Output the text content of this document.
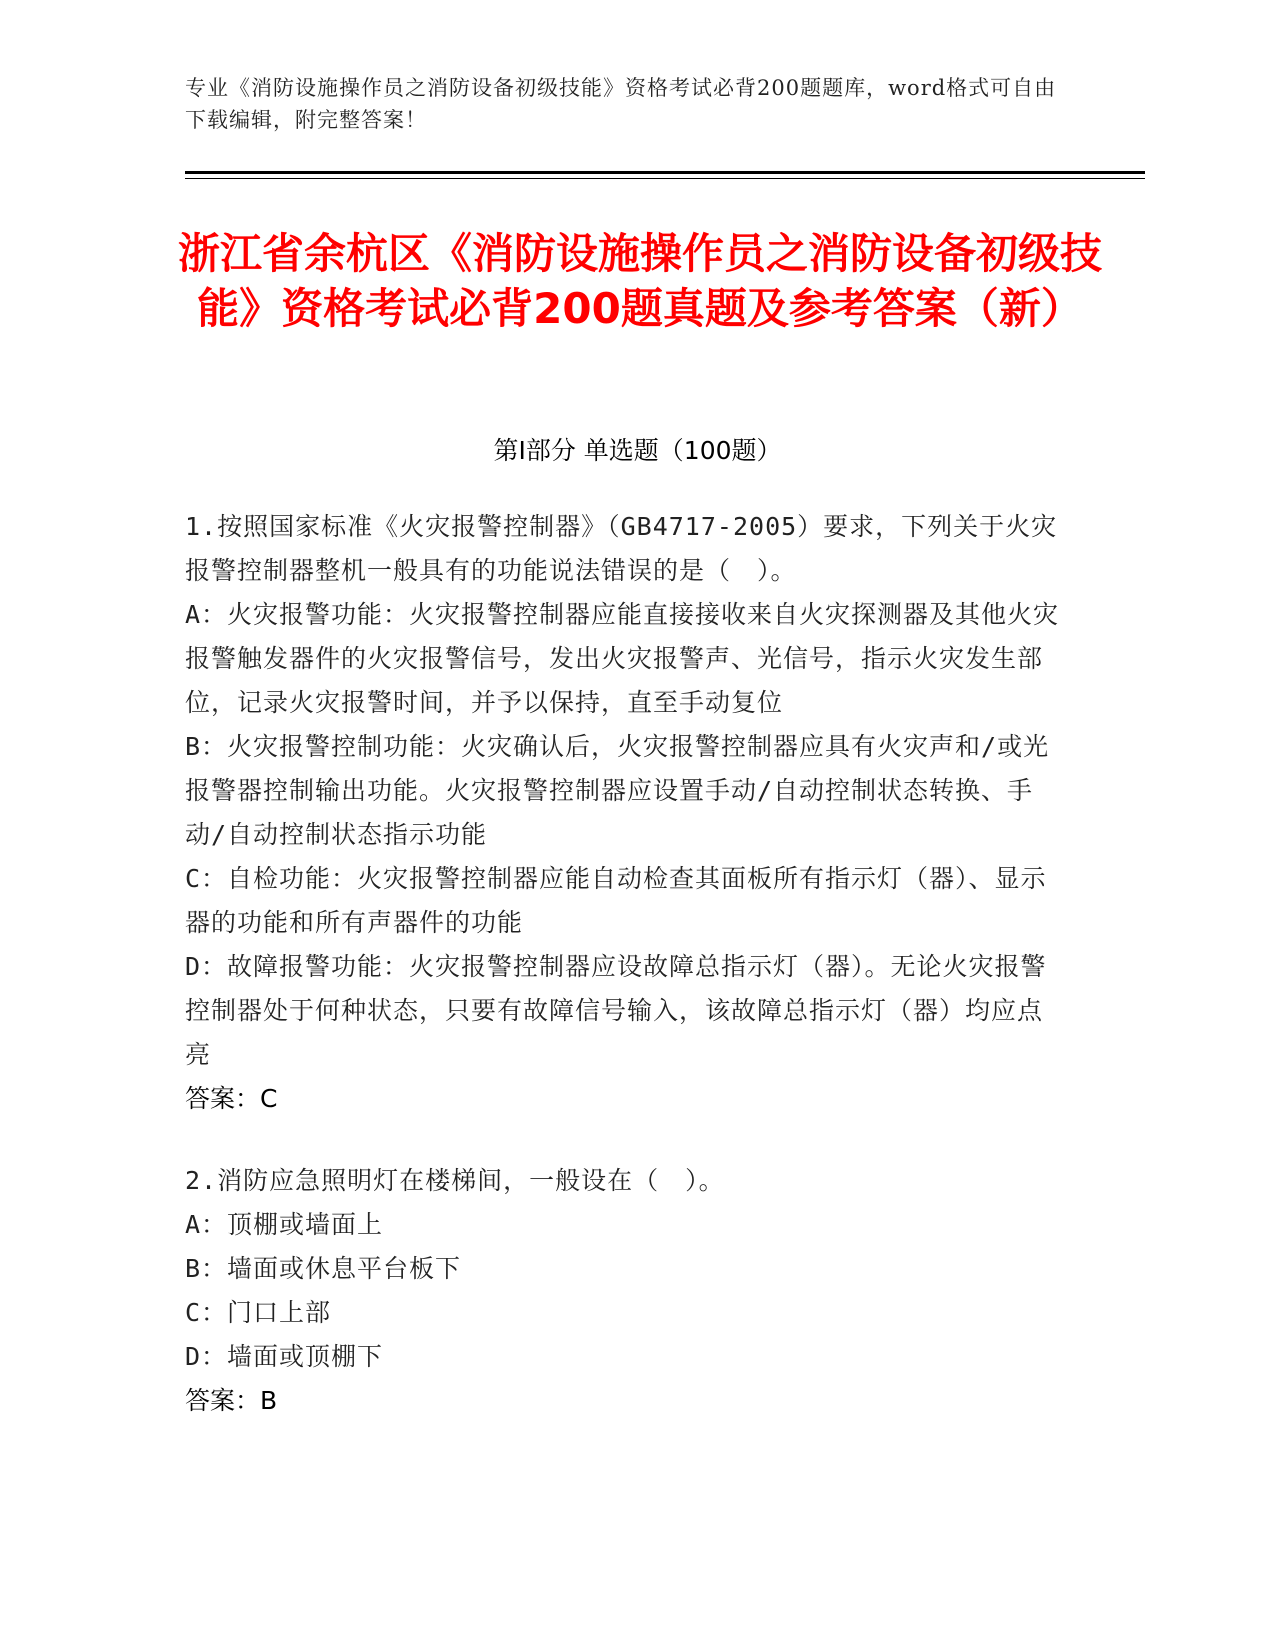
专业《消防设施操作员之消防设备初级技能》资格考试必背200题题库，word格式可自由下载编辑，附完整答案！
浙江省余杭区《消防设施操作员之消防设备初级技能》资格考试必背200题真题及参考答案（新）
第Ⅰ部分 单选题（100题）

1.按照国家标准《火灾报警控制器》（GB4717-2005）要求，下列关于火灾报警控制器整机一般具有的功能说法错误的是（　）。

A：火灾报警功能：火灾报警控制器应能直接接收来自火灾探测器及其他火灾报警触发器件的火灾报警信号，发出火灾报警声、光信号，指示火灾发生部位，记录火灾报警时间，并予以保持，直至手动复位

B：火灾报警控制功能：火灾确认后，火灾报警控制器应具有火灾声和/或光报警器控制输出功能。火灾报警控制器应设置手动/自动控制状态转换、手动/自动控制状态指示功能

C：自检功能：火灾报警控制器应能自动检查其面板所有指示灯（器）、显示器的功能和所有声器件的功能

D：故障报警功能：火灾报警控制器应设故障总指示灯（器）。无论火灾报警控制器处于何种状态，只要有故障信号输入，该故障总指示灯（器）均应点亮

答案：C

2.消防应急照明灯在楼梯间，一般设在（　）。

A：顶棚或墙面上

B：墙面或休息平台板下

C：门口上部

D：墙面或顶棚下

答案：B
